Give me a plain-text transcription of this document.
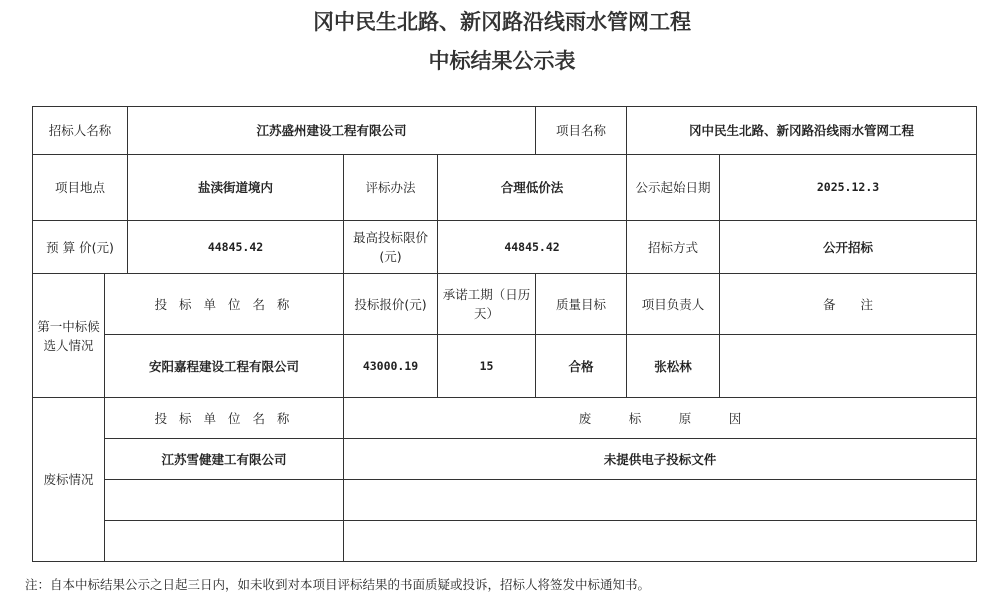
冈中民生北路、新冈路沿线雨水管网工程
中标结果公示表
招标人名称		江苏盛州建设工程有限公司			项目名称	冈中民生北路、新冈路沿线雨水管网工程	
项目地点		盐渎街道境内	评标办法	合理低价法		公示起始日期	2025.12.3
预 算 价(元)		44845.42	最高投标限价(元)	44845.42		招标方式	公开招标
第一中标候选人情况	投 标 单 位 名 称		投标报价(元)	承诺工期（日历天）	质量目标	项目负责人	备　　注
	安阳嘉程建设工程有限公司		43000.19	15	合格	张松林	
废标情况	投 标 单 位 名 称		废　　　标　　　原　　　因				
	江苏雪健建工有限公司		未提供电子投标文件				

注：自本中标结果公示之日起三日内，如未收到对本项目评标结果的书面质疑或投诉，招标人将签发中标通知书。
